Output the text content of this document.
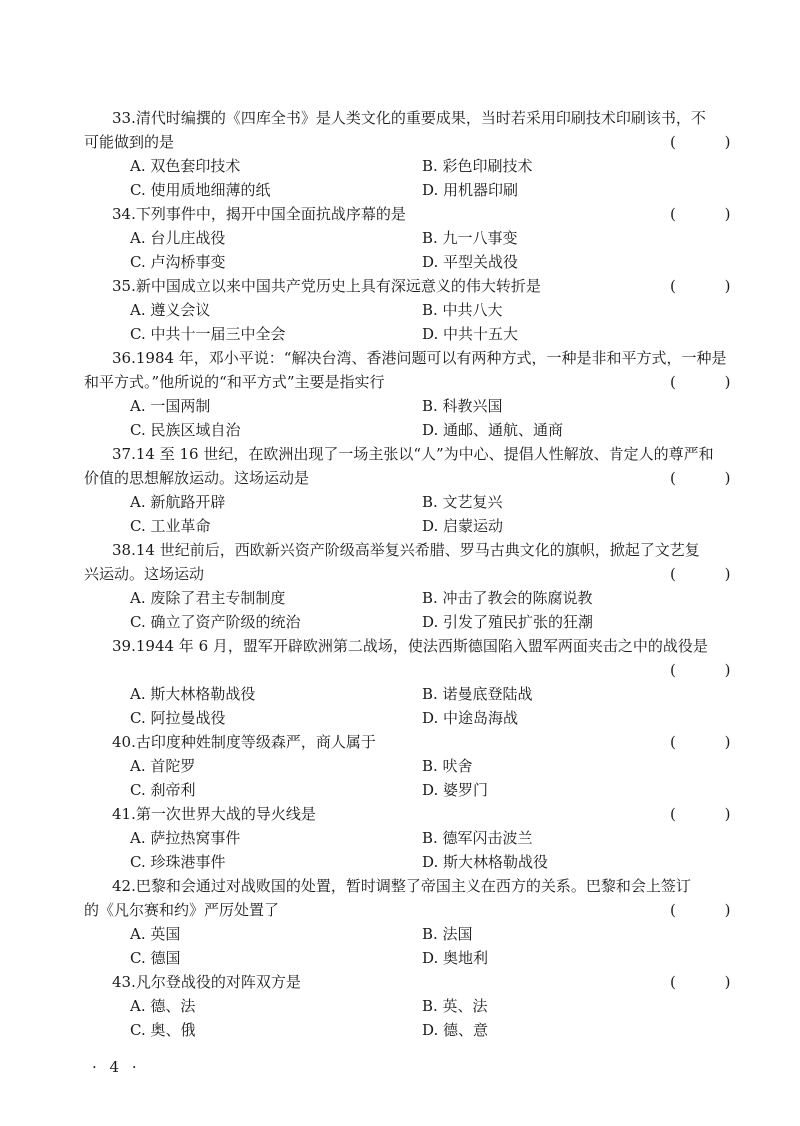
33.清代时编撰的《四库全书》是人类文化的重要成果，当时若采用印刷技术印刷该书，不
可能做到的是	( )
A. 双色套印技术	B. 彩色印刷技术
C. 使用质地细薄的纸	D. 用机器印刷
34.下列事件中，揭开中国全面抗战序幕的是	( )
A. 台儿庄战役	B. 九一八事变
C. 卢沟桥事变	D. 平型关战役
35.新中国成立以来中国共产党历史上具有深远意义的伟大转折是	( )
A. 遵义会议	B. 中共八大
C. 中共十一届三中全会	D. 中共十五大
36.1984 年，邓小平说：“解决台湾、香港问题可以有两种方式，一种是非和平方式，一种是
和平方式。”他所说的“和平方式”主要是指实行	( )
A. 一国两制	B. 科教兴国
C. 民族区域自治	D. 通邮、通航、通商
37.14 至 16 世纪，在欧洲出现了一场主张以“人”为中心、提倡人性解放、肯定人的尊严和
价值的思想解放运动。这场运动是	( )
A. 新航路开辟	B. 文艺复兴
C. 工业革命	D. 启蒙运动
38.14 世纪前后，西欧新兴资产阶级高举复兴希腊、罗马古典文化的旗帜，掀起了文艺复
兴运动。这场运动	( )
A. 废除了君主专制制度	B. 冲击了教会的陈腐说教
C. 确立了资产阶级的统治	D. 引发了殖民扩张的狂潮
39.1944 年 6 月，盟军开辟欧洲第二战场，使法西斯德国陷入盟军两面夹击之中的战役是
( )
A. 斯大林格勒战役	B. 诺曼底登陆战
C. 阿拉曼战役	D. 中途岛海战
40.古印度种姓制度等级森严，商人属于	( )
A. 首陀罗	B. 吠舍
C. 刹帝利	D. 婆罗门
41.第一次世界大战的导火线是	( )
A. 萨拉热窝事件	B. 德军闪击波兰
C. 珍珠港事件	D. 斯大林格勒战役
42.巴黎和会通过对战败国的处置，暂时调整了帝国主义在西方的关系。巴黎和会上签订
的《凡尔赛和约》严厉处置了	( )
A. 英国	B. 法国
C. 德国	D. 奥地利
43.凡尔登战役的对阵双方是	( )
A. 德、法	B. 英、法
C. 奥、俄	D. 德、意
· 4 ·
